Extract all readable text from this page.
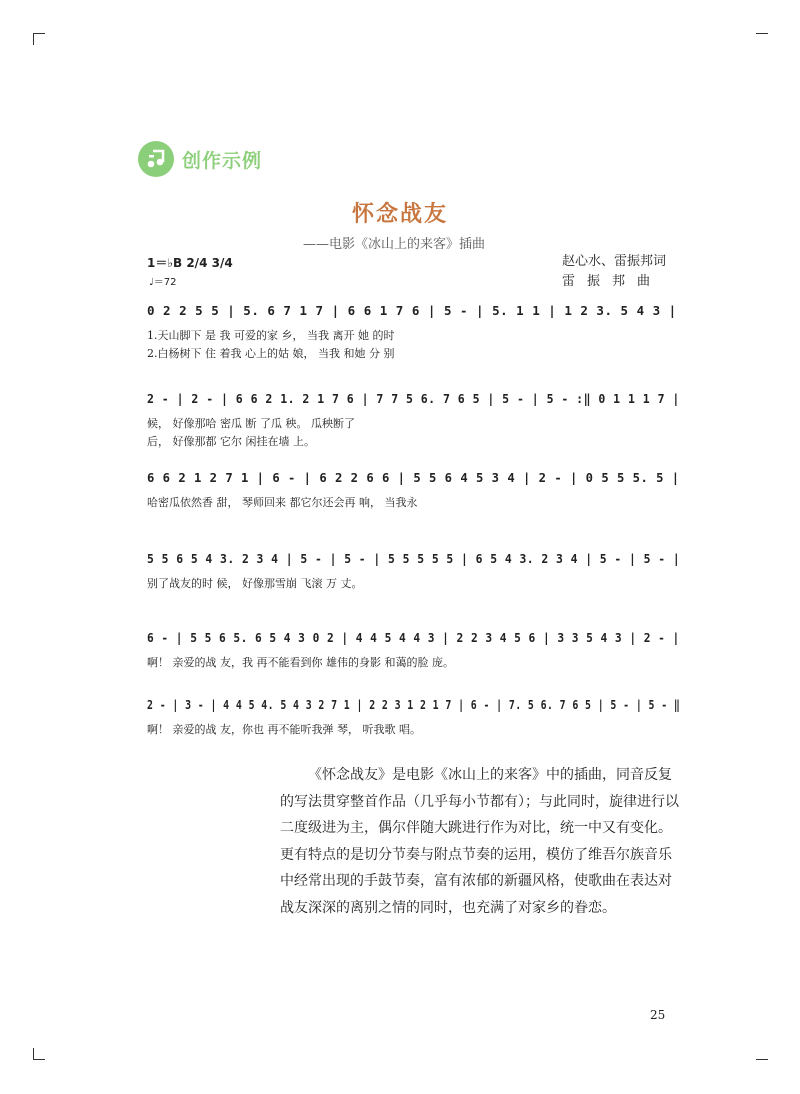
创作示例
怀念战友
——电影《冰山上的来客》插曲
1＝♭B 2/4 3/4
♩＝72
赵心水、雷振邦词
雷振邦曲
0 2 2 5 5 | 5. 6 7 1 7 | 6 6 1 7 6 | 5 - | 5. 1 1 | 1 2 3. 5 4 3 |
1.天山脚下 是 我 可爱的家 乡， 当我 离开 她 的时
2.白杨树下 住 着我 心上的姑 娘， 当我 和她 分 别
2 - | 2 - | 6 6 2 1. 2 1 7 6 | 7 7 5 6. 7 6 5 | 5 - | 5 - :‖ 0 1 1 1 7 |
候， 好像那哈 密瓜 断 了瓜 秧。 瓜秧断了
后， 好像那都 它尔 闲挂在墙 上。
6 6 2 1 2 7 1 | 6 - | 6 2 2 6 6 | 5 5 6 4 5 3 4 | 2 - | 0 5 5 5. 5 |
哈密瓜依然香 甜， 琴师回来 都它尔还会再 响， 当我永
5 5 6 5 4 3. 2 3 4 | 5 - | 5 - | 5 5 5 5 5 | 6 5 4 3. 2 3 4 | 5 - | 5 - |
别了战友的时 候， 好像那雪崩 飞滚 万 丈。
6 - | 5 5 6 5. 6 5 4 3 0 2 | 4 4 5 4 4 3 | 2 2 3 4 5 6 | 3 3 5 4 3 | 2 - |
啊！ 亲爱的战 友，我 再不能看到你 雄伟的身影 和蔼的脸 庞。
2 - | 3 - | 4 4 5 4. 5 4 3 2 7 1 | 2 2 3 1 2 1 7 | 6 - | 7. 5 6. 7 6 5 | 5 - | 5 - ‖
啊！ 亲爱的战 友，你也 再不能听我弹 琴， 听我歌 唱。
《怀念战友》是电影《冰山上的来客》中的插曲，同音反复的写法贯穿整首作品（几乎每小节都有）；与此同时，旋律进行以二度级进为主，偶尔伴随大跳进行作为对比，统一中又有变化。更有特点的是切分节奏与附点节奏的运用，模仿了维吾尔族音乐中经常出现的手鼓节奏，富有浓郁的新疆风格，使歌曲在表达对战友深深的离别之情的同时，也充满了对家乡的眷恋。
25
